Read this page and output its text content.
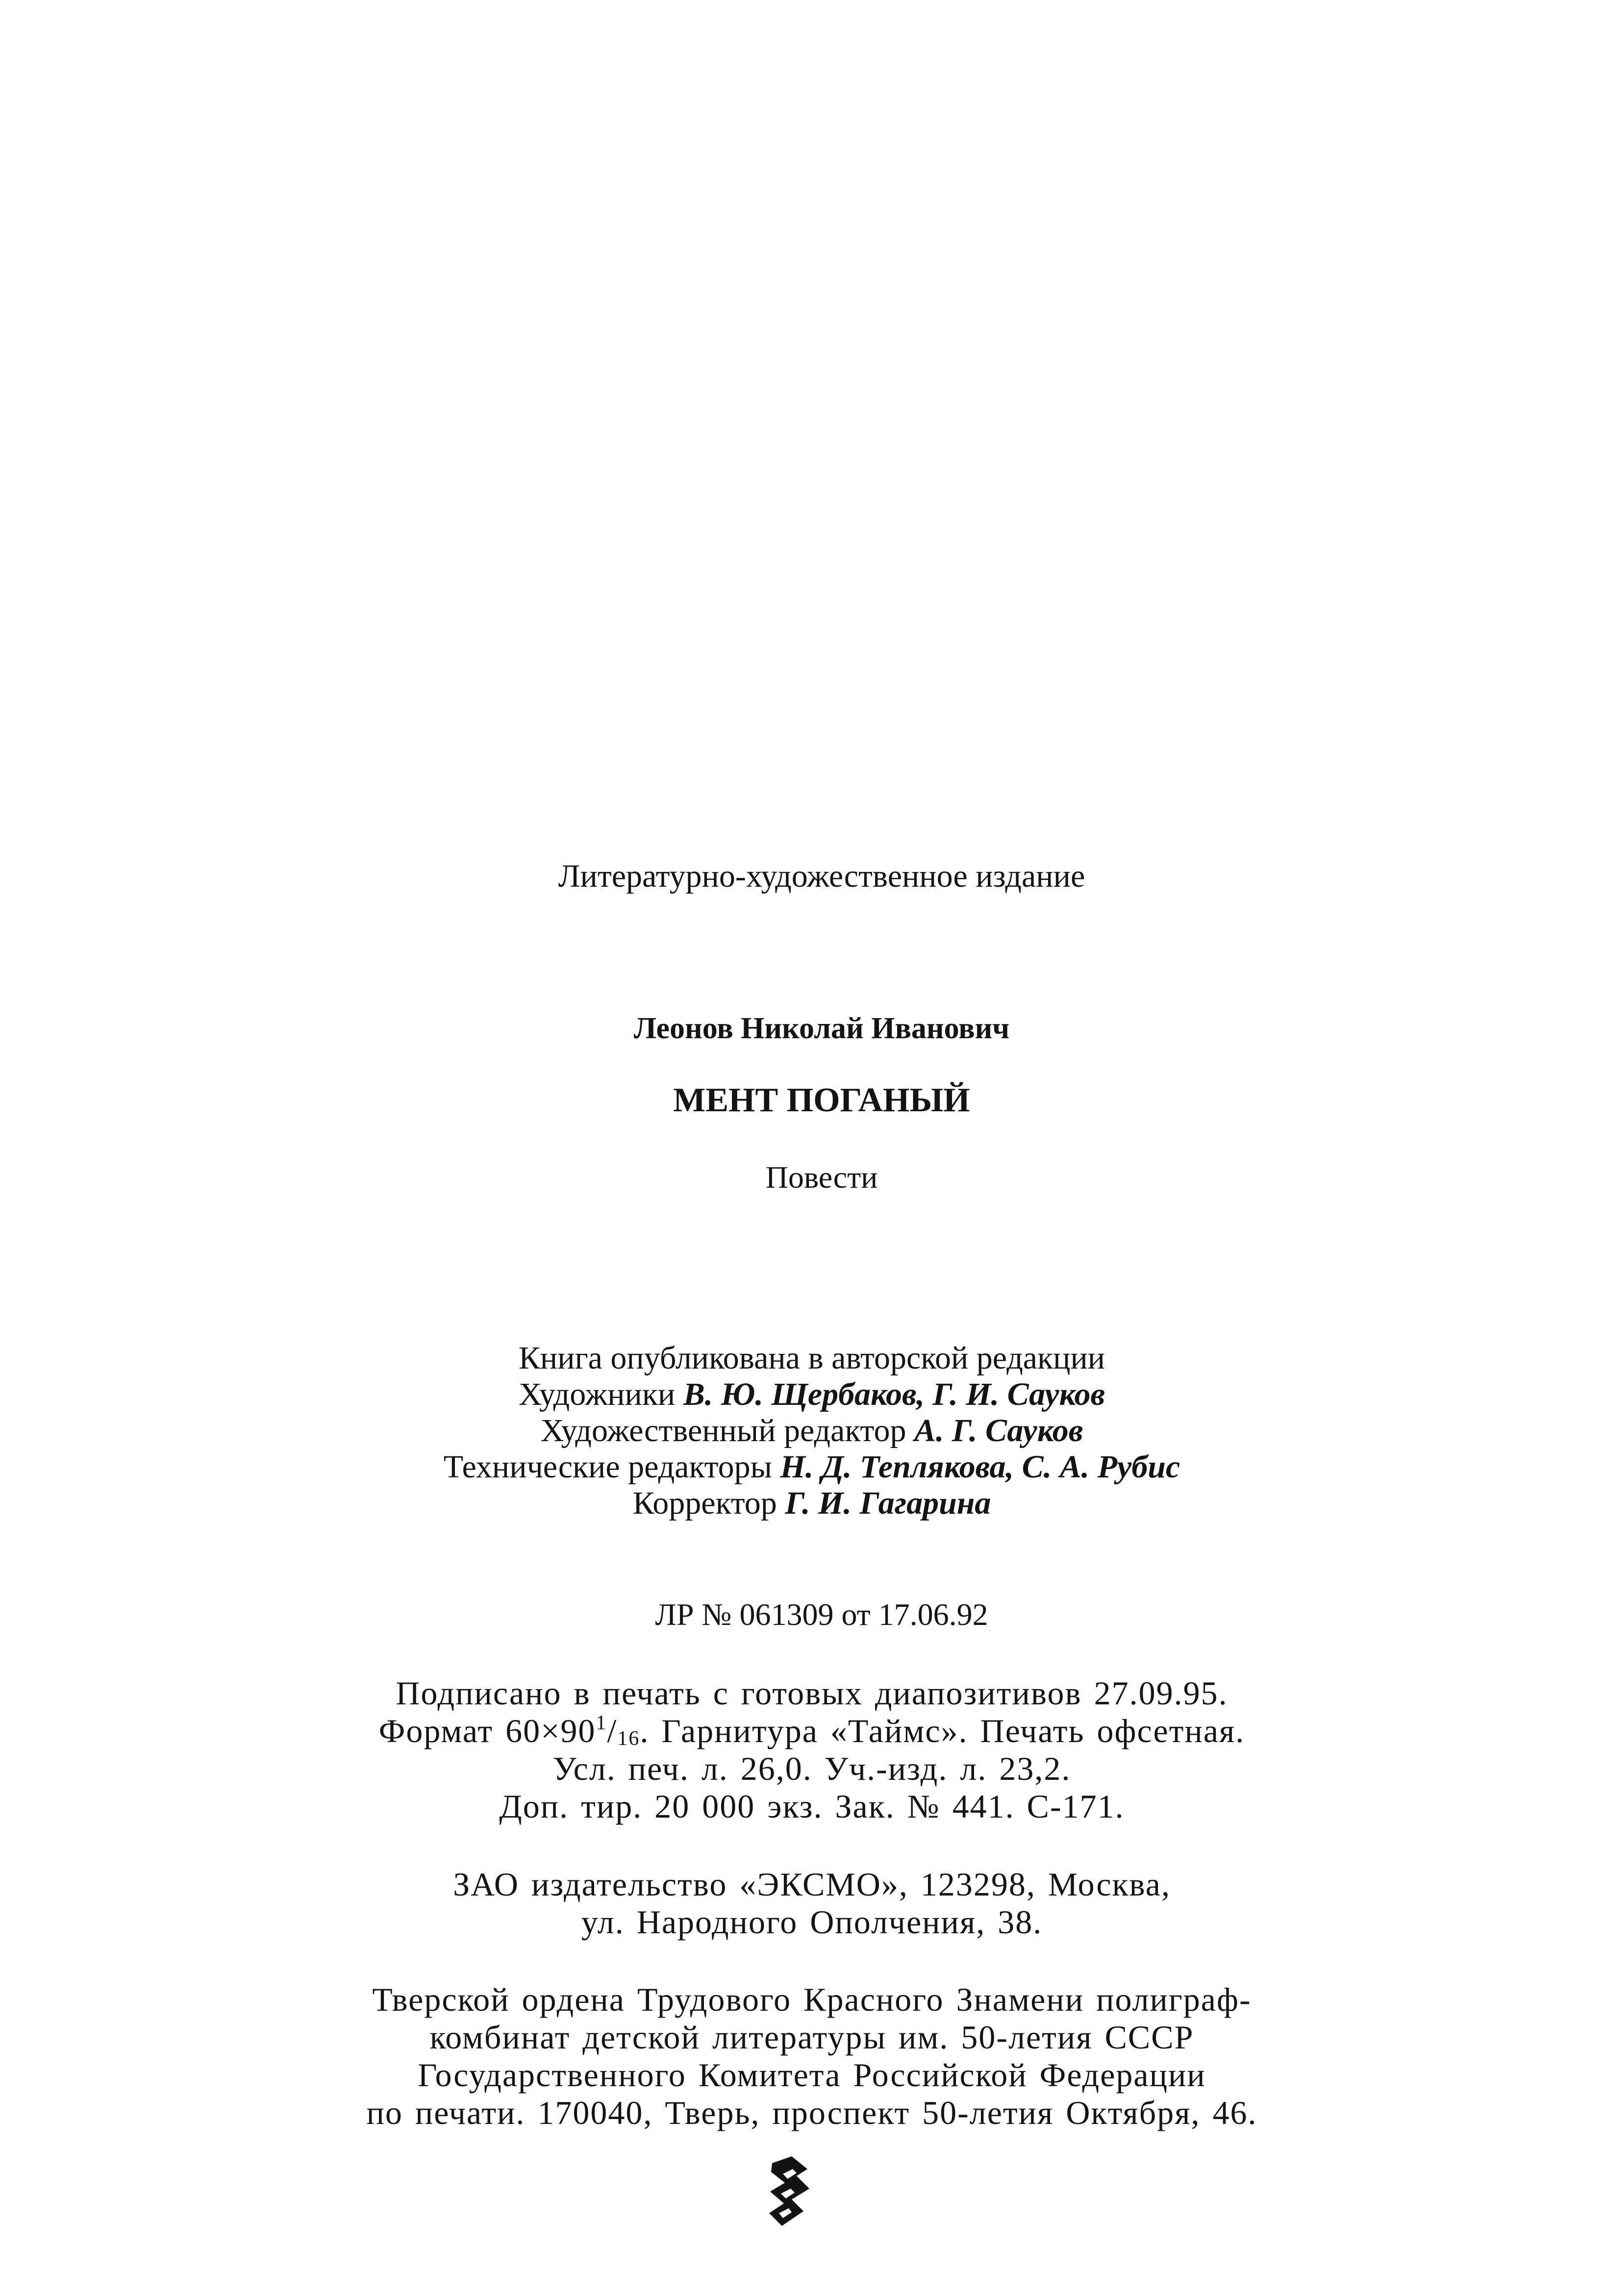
Литературно-художественное издание
Леонов Николай Иванович
МЕНТ ПОГАНЫЙ
Повести
Книга опубликована в авторской редакции
Художники В. Ю. Щербаков, Г. И. Сауков
Художественный редактор А. Г. Сауков
Технические редакторы Н. Д. Теплякова, С. А. Рубис
Корректор Г. И. Гагарина
ЛР № 061309 от 17.06.92
Подписано в печать с готовых диапозитивов 27.09.95.
Формат $60\times 90^1/_{16}$. Гарнитура «Таймс». Печать офсетная.
Усл. печ. л. 26,0. Уч.-изд. л. 23,2.
Доп. тир. 20 000 экз. Зак. № 441. С-171.
ЗАО издательство «ЭКСМО», 123298, Москва,
ул. Народного Ополчения, 38.
Тверской ордена Трудового Красного Знамени полиграф-
комбинат детской литературы им. 50-летия СССР
Государственного Комитета Российской Федерации
по печати. 170040, Тверь, проспект 50-летия Октября, 46.
